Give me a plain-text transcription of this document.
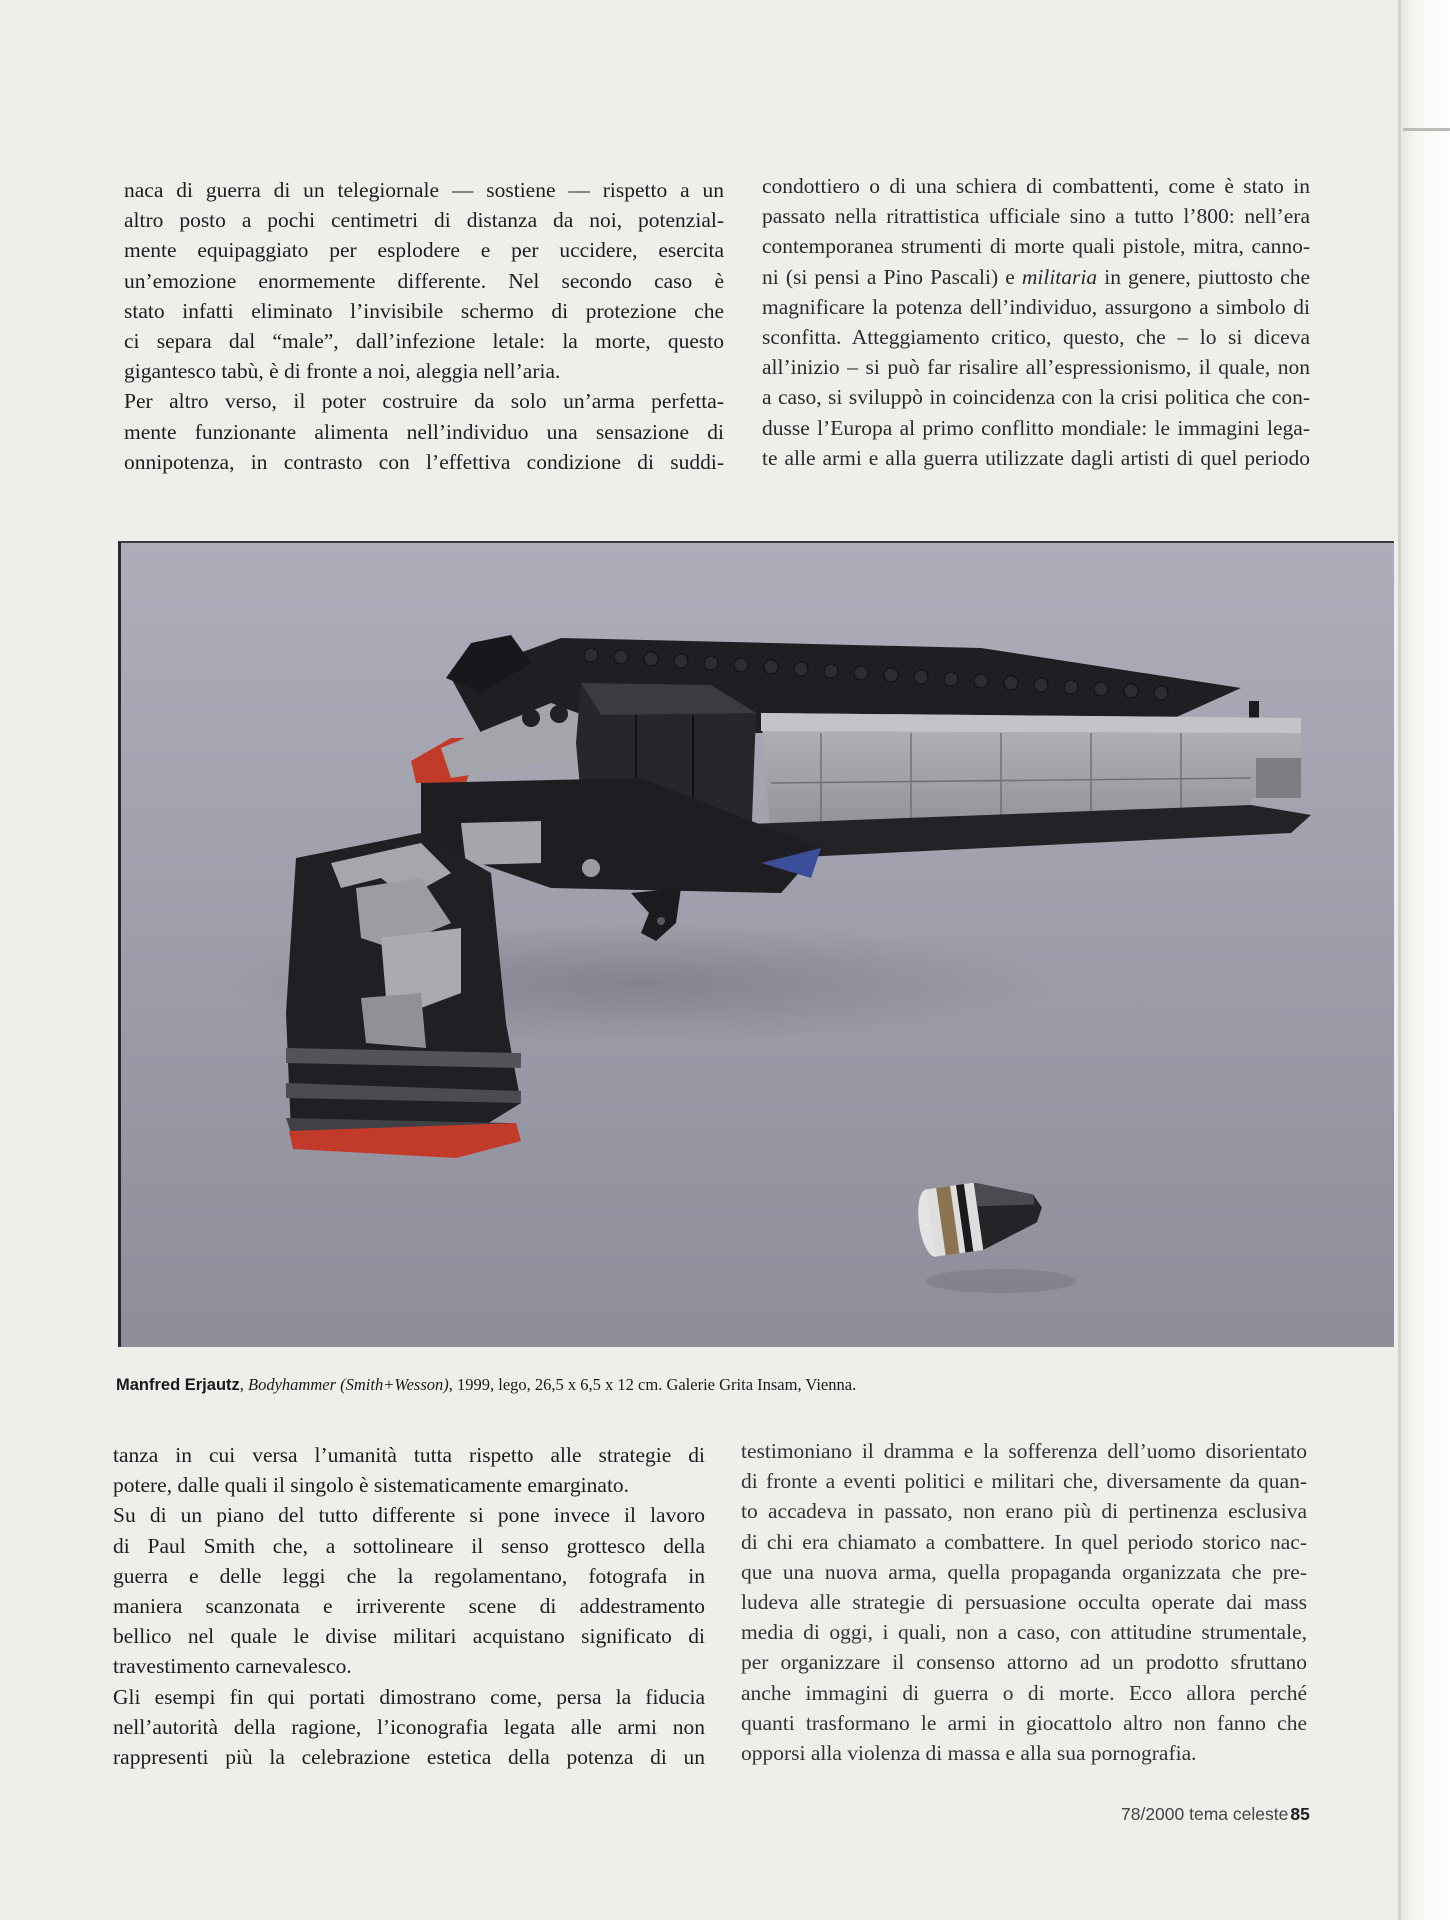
naca di guerra di un telegiornale — sostiene — rispetto a un
altro posto a pochi centimetri di distanza da noi, potenzial-
mente equipaggiato per esplodere e per uccidere, esercita
un’emozione enormemente differente. Nel secondo caso è
stato infatti eliminato l’invisibile schermo di protezione che
ci separa dal “male”, dall’infezione letale: la morte, questo
gigantesco tabù, è di fronte a noi, aleggia nell’aria.
Per altro verso, il poter costruire da solo un’arma perfetta-
mente funzionante alimenta nell’individuo una sensazione di
onnipotenza, in contrasto con l’effettiva condizione di suddi-
condottiero o di una schiera di combattenti, come è stato in
passato nella ritrattistica ufficiale sino a tutto l’800: nell’era
contemporanea strumenti di morte quali pistole, mitra, canno-
ni (si pensi a Pino Pascali) e militaria in genere, piuttosto che
magnificare la potenza dell’individuo, assurgono a simbolo di
sconfitta. Atteggiamento critico, questo, che – lo si diceva
all’inizio – si può far risalire all’espressionismo, il quale, non
a caso, si sviluppò in coincidenza con la crisi politica che con-
dusse l’Europa al primo conflitto mondiale: le immagini lega-
te alle armi e alla guerra utilizzate dagli artisti di quel periodo
Manfred Erjautz, Bodyhammer (Smith+Wesson), 1999, lego, 26,5 x 6,5 x 12 cm. Galerie Grita Insam, Vienna.
tanza in cui versa l’umanità tutta rispetto alle strategie di
potere, dalle quali il singolo è sistematicamente emarginato.
Su di un piano del tutto differente si pone invece il lavoro
di Paul Smith che, a sottolineare il senso grottesco della
guerra e delle leggi che la regolamentano, fotografa in
maniera scanzonata e irriverente scene di addestramento
bellico nel quale le divise militari acquistano significato di
travestimento carnevalesco.
Gli esempi fin qui portati dimostrano come, persa la fiducia
nell’autorità della ragione, l’iconografia legata alle armi non
rappresenti più la celebrazione estetica della potenza di un
testimoniano il dramma e la sofferenza dell’uomo disorientato
di fronte a eventi politici e militari che, diversamente da quan-
to accadeva in passato, non erano più di pertinenza esclusiva
di chi era chiamato a combattere. In quel periodo storico nac-
que una nuova arma, quella propaganda organizzata che pre-
ludeva alle strategie di persuasione occulta operate dai mass
media di oggi, i quali, non a caso, con attitudine strumentale,
per organizzare il consenso attorno ad un prodotto sfruttano
anche immagini di guerra o di morte. Ecco allora perché
quanti trasformano le armi in giocattolo altro non fanno che
opporsi alla violenza di massa e alla sua pornografia.
78/2000 tema celeste 85
